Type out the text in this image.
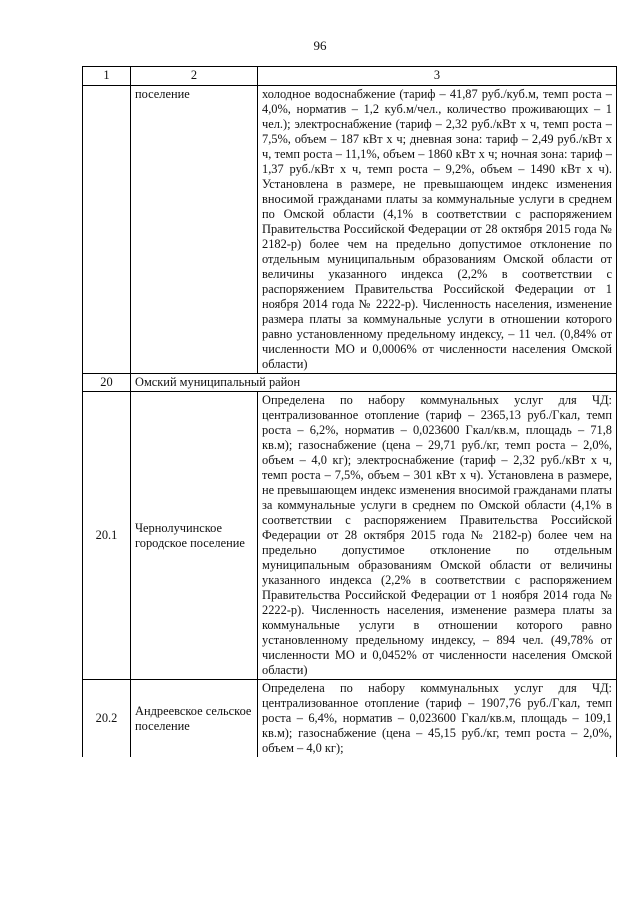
96
1	2	3
	поселение	холодное водоснабжение (тариф – 41,87 руб./куб.м, темп роста – 4,0%, норматив – 1,2 куб.м/чел., количество проживающих – 1 чел.); электроснабжение (тариф – 2,32 руб./кВт х ч, темп роста – 7,5%, объем – 187 кВт х ч; дневная зона: тариф – 2,49 руб./кВт х ч, темп роста – 11,1%, объем – 1860 кВт х ч; ночная зона: тариф – 1,37 руб./кВт х ч, темп роста – 9,2%, объем – 1490 кВт х ч). Установлена в размере, не превышающем индекс изменения вносимой гражданами платы за коммунальные услуги в среднем по Омской области (4,1% в соответствии с распоряжением Правительства Российской Федерации от 28 октября 2015 года № 2182-р) более чем на предельно допустимое отклонение по отдельным муниципальным образованиям Омской области от величины указанного индекса (2,2% в соответствии с распоряжением Правительства Российской Федерации от 1 ноября 2014 года № 2222-р). Численность населения, изменение размера платы за коммунальные услуги в отношении которого равно установленному предельному индексу, – 11 чел. (0,84% от численности МО и 0,0006% от численности населения Омской области)
20	Омский муниципальный район	
20.1	Чернолучинское городское поселение	Определена по набору коммунальных услуг для ЧД: централизованное отопление (тариф – 2365,13 руб./Гкал, темп роста – 6,2%, норматив – 0,023600 Гкал/кв.м, площадь – 71,8 кв.м); газоснабжение (цена – 29,71 руб./кг, темп роста – 2,0%, объем – 4,0 кг); электроснабжение (тариф – 2,32 руб./кВт х ч, темп роста – 7,5%, объем – 301 кВт х ч). Установлена в размере, не превышающем индекс изменения вносимой гражданами платы за коммунальные услуги в среднем по Омской области (4,1% в соответствии с распоряжением Правительства Российской Федерации от 28 октября 2015 года № 2182-р) более чем на предельно допустимое отклонение по отдельным муниципальным образованиям Омской области от величины указанного индекса (2,2% в соответствии с распоряжением Правительства Российской Федерации от 1 ноября 2014 года № 2222-р). Численность населения, изменение размера платы за коммунальные услуги в отношении которого равно установленному предельному индексу, – 894 чел. (49,78% от численности МО и 0,0452% от численности населения Омской области)
20.2	Андреевское сельское поселение	Определена по набору коммунальных услуг для ЧД: централизованное отопление (тариф – 1907,76 руб./Гкал, темп роста – 6,4%, норматив – 0,023600 Гкал/кв.м, площадь – 109,1 кв.м); газоснабжение (цена – 45,15 руб./кг, темп роста – 2,0%, объем – 4,0 кг);
